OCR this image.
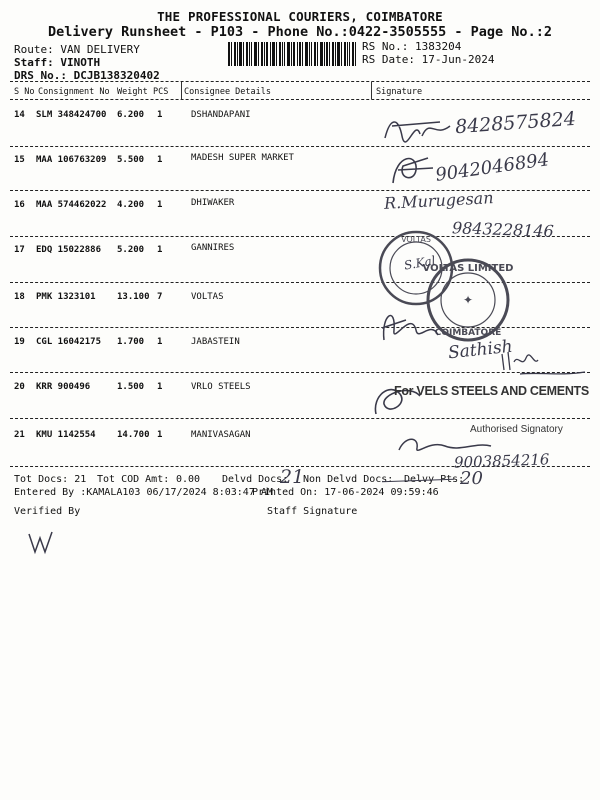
THE PROFESSIONAL COURIERS, COIMBATORE
Delivery Runsheet - P103 - Phone No.:0422-3505555 - Page No.:2
Route: VAN DELIVERY
Staff: VINOTH
DRS No.: DCJB138320402
RS No.: 1383204
RS Date: 17-Jun-2024
S No Consignment No Weight PCS Consignee Details	Signature
14 SLM 348424700 6.200 1	DSHANDAPANI
15 MAA 106763209 5.500 1	MADESH SUPER MARKET
16 MAA 574462022 4.200 1	DHIWAKER
17 EDQ 15022886 5.200 1	GANNIRES
18 PMK 1323101 13.100 7	VOLTAS
19 CGL 16042175 1.700 1	JABASTEIN
20 KRR 900496	1.500 1	VRLO STEELS
21 KMU 1142554 14.700 1	MANIVASAGAN
VOLTAS
VOLTAS LIMITED
COIMBATORE
✦
8428575824
9042046894
R.Murugesan
9843228146
S.Kal
Sathish
For VELS STEELS AND CEMENTS
Authorised Signatory
9003854216
Tot Docs: 21 Tot COD Amt: 0.00 Delvd Docs:
21
Non Delvd Docs: Delvy Pts:
20
Entered By :KAMALA103 06/17/2024 8:03:47 AM
Printed On: 17-06-2024 09:59:46
Verified By	Staff Signature
